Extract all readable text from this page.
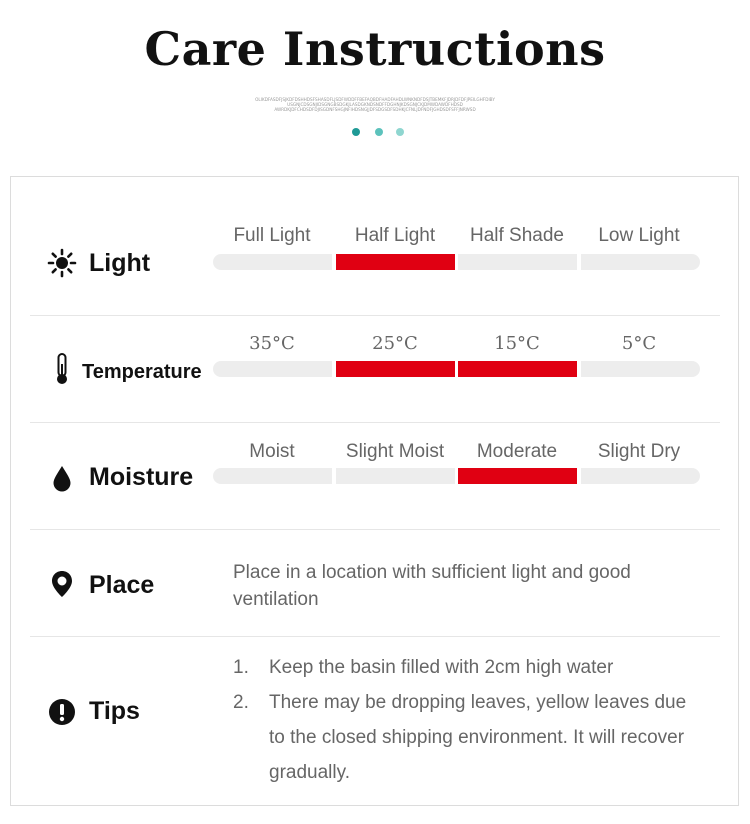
Care Instructions
OLIKDFASDFJSJKDFDSHHDSFSHASDFLJSDFWDDFFBEFAQBDFHADFAHDLWNKNDFDSJTBEMKFJDRJDFDFJPEILGHFDIBY
USGNJCDSGNJIDSGNGBSDGKJLASDGKNDSNDFFDGHNJKDSGNJCKJDMWDAWDFHDSD
AWRDKJDFCHDSDFDJISGDNFSHGJNFIHDSNGJJDFSDGSDFSDHKJCFNLJDFNDFJGHDSDFSFFJNRWSD
Light
Full Light	Half Light	Half Shade	Low Light
Temperature
35°C	25°C	15°C	5°C
Moisture
Moist	Slight Moist	Moderate	Slight Dry
Place	Place in a location with sufficient light and good
ventilation
Tips
1. Keep the basin filled with 2cm high water
2. There may be dropping leaves, yellow leaves due
to the closed shipping environment. It will recover
gradually.
